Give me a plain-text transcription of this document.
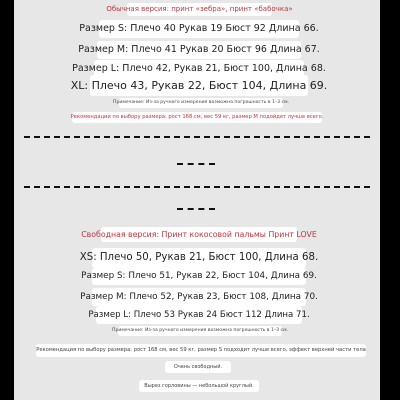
Обычная версия: принт «зебра», принт «бабочка»
Размер S: Плечо 40 Рукав 19 Бюст 92 Длина 66.
Размер M: Плечо 41 Рукав 20 Бюст 96 Длина 67.
Размер L: Плечо 42, Рукав 21, Бюст 100, Длина 68.
XL: Плечо 43, Рукав 22, Бюст 104, Длина 69.
Примечание: Из-за ручного измерения возможна погрешность в 1–3 см.
Рекомендации по выбору размера: рост 168 см, вес 59 кг, размер M подойдет лучше всего.
Свободная версия: Принт кокосовой пальмы Принт LOVE
XS: Плечо 50, Рукав 21, Бюст 100, Длина 68.
Размер S: Плечо 51, Рукав 22, Бюст 104, Длина 69.
Размер M: Плечо 52, Рукав 23, Бюст 108, Длина 70.
Размер L: Плечо 53 Рукав 24 Бюст 112 Длина 71.
Примечание: Из-за ручного измерения возможна погрешность в 1–3 см.
Рекомендация по выбору размера: рост 168 см, вес 59 кг, размер S подходит лучше всего, эффект верхней части тела
Очень свободный.
Вырез горловины — небольшой круглый.
